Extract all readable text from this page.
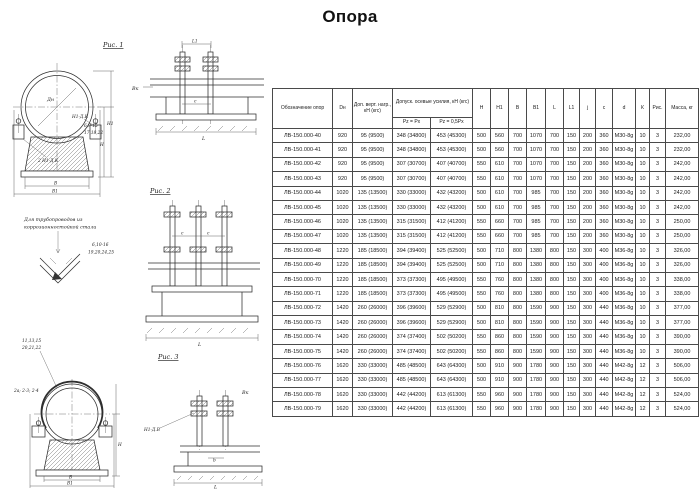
Опора
Рис. 1
Дн
Н
Н1
В
В1
Н1-Д.К
6,9-15
17,18,22
2 Н1-Д.К
L1
с
L
Вк
Для трубопроводов из
коррозионностойкой стали
6,10-16
19,20,24,25
Рис. 2
с	с
L
Рис. 3
11,13,15
20,21,22
2а; 2-3; 2-4
Н
В
В1
Н1-Д.В
Вк
b
L
Обозначение опор	Dн	Доп. верт. нагр., кН (кгс)	Допуск. осевые усилия, кН (кгс)		Н	Н1	В	В1	L	L1	j	с	d	К	Рис.	Масса, кг
			Рz = Рх	Рz = 0,5Рх												
ЛВ-150.000-40	920	95 (9500)	348 (34800)	453 (45300)	500	560	700	1070	700	150	200	360	М30-8g	10	3	232,00
ЛВ-150.000-41	920	95 (9500)	348 (34800)	453 (45300)	500	560	700	1070	700	150	200	360	М30-8g	10	3	232,00
ЛВ-150.000-42	920	95 (9500)	307 (30700)	407 (40700)	550	610	700	1070	700	150	200	360	М30-8g	10	3	242,00
ЛВ-150.000-43	920	95 (9500)	307 (30700)	407 (40700)	550	610	700	1070	700	150	200	360	М30-8g	10	3	242,00
ЛВ-150.000-44	1020	135 (13500)	330 (33000)	432 (43200)	500	610	700	985	700	150	200	360	М30-8g	10	3	242,00
ЛВ-150.000-45	1020	135 (13500)	330 (33000)	432 (43200)	500	610	700	985	700	150	200	360	М30-8g	10	3	242,00
ЛВ-150.000-46	1020	135 (13500)	315 (31500)	412 (41200)	550	660	700	985	700	150	200	360	М30-8g	10	3	250,00
ЛВ-150.000-47	1020	135 (13500)	315 (31500)	412 (41200)	550	660	700	985	700	150	200	360	М30-8g	10	3	250,00
ЛВ-150.000-48	1220	185 (18500)	394 (39400)	525 (52500)	500	710	800	1380	800	150	300	400	М36-8g	10	3	326,00
ЛВ-150.000-49	1220	185 (18500)	394 (39400)	525 (52500)	500	710	800	1380	800	150	300	400	М36-8g	10	3	326,00
ЛВ-150.000-70	1220	185 (18500)	373 (37300)	495 (49500)	550	760	800	1380	800	150	300	400	М36-8g	10	3	338,00
ЛВ-150.000-71	1220	185 (18500)	373 (37300)	495 (49500)	550	760	800	1380	800	150	300	400	М36-8g	10	3	338,00
ЛВ-150.000-72	1420	260 (26000)	396 (39600)	529 (52900)	500	810	800	1590	900	150	300	440	М36-8g	10	3	377,00
ЛВ-150.000-73	1420	260 (26000)	396 (39600)	529 (52900)	500	810	800	1590	900	150	300	440	М36-8g	10	3	377,00
ЛВ-150.000-74	1420	260 (26000)	374 (37400)	502 (50200)	550	860	800	1590	900	150	300	440	М36-8g	10	3	390,00
ЛВ-150.000-75	1420	260 (26000)	374 (37400)	502 (50200)	550	860	800	1590	900	150	300	440	М36-8g	10	3	390,00
ЛВ-150.000-76	1620	330 (33000)	485 (48500)	643 (64300)	500	910	900	1780	900	150	300	440	М42-8g	12	3	506,00
ЛВ-150.000-77	1620	330 (33000)	485 (48500)	643 (64300)	500	910	900	1780	900	150	300	440	М42-8g	12	3	506,00
ЛВ-150.000-78	1620	330 (33000)	442 (44200)	613 (61300)	550	960	900	1780	900	150	300	440	М42-8g	12	3	524,00
ЛВ-150.000-79	1620	330 (33000)	442 (44200)	613 (61300)	550	960	900	1780	900	150	300	440	М42-8g	12	3	524,00
